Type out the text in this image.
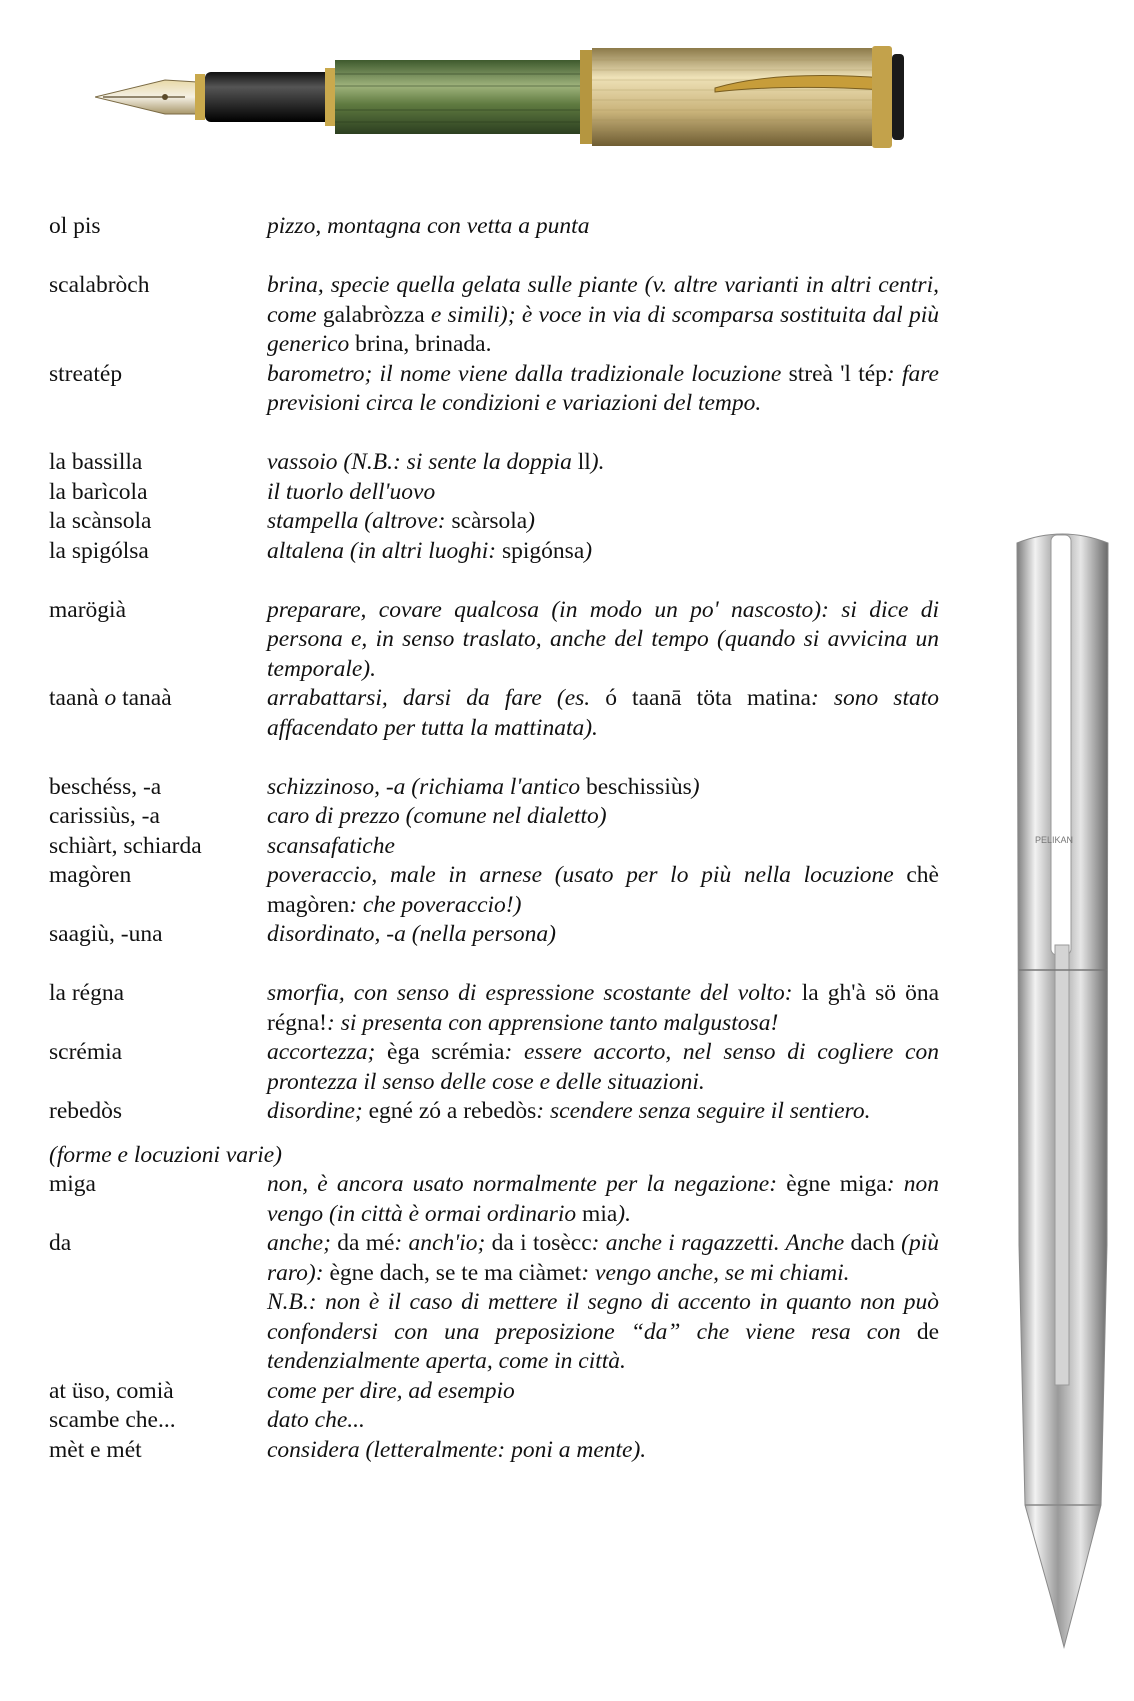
PELIKAN
ol pis	pizzo, montagna con vetta a punta
scalabròch	brina, specie quella gelata sulle piante (v. altre varianti in altri centri, come galabròzza e simili); è voce in via di scomparsa sostituita dal più generico brina, brinada.
streatép	barometro; il nome viene dalla tradizionale locuzione streà 'l tép: fare previsioni circa le condizioni e variazioni del tempo.
la bassilla	vassoio (N.B.: si sente la doppia ll).
la barìcola	il tuorlo dell'uovo
la scànsola	stampella (altrove: scàrsola)
la spigólsa	altalena (in altri luoghi: spigónsa)
marögià	preparare, covare qualcosa (in modo un po' nascosto): si dice di persona e, in senso traslato, anche del tempo (quando si avvicina un temporale).
taanà o tanaà	arrabattarsi, darsi da fare (es. ó taanā töta matina: sono stato affacendato per tutta la mattinata).
beschéss, -a	schizzinoso, -a (richiama l'antico beschissiùs)
carissiùs, -a	caro di prezzo (comune nel dialetto)
schiàrt, schiarda	scansafatiche
magòren	poveraccio, male in arnese (usato per lo più nella locuzione chè magòren: che poveraccio!)
saagiù, -una	disordinato, -a (nella persona)
la régna	smorfia, con senso di espressione scostante del volto: la gh'à sö öna régna!: si presenta con apprensione tanto malgustosa!
scrémia	accortezza; èga scrémia: essere accorto, nel senso di cogliere con prontezza il senso delle cose e delle situazioni.
rebedòs	disordine; egné zó a rebedòs: scendere senza seguire il sentiero.
(forme e locuzioni varie)
miga	non, è ancora usato normalmente per la negazione: ègne miga: non vengo (in città è ormai ordinario mia).
da	anche; da mé: anch'io; da i tosècc: anche i ragazzetti. Anche dach (più raro): ègne dach, se te ma ciàmet: vengo anche, se mi chiami.
N.B.: non è il caso di mettere il segno di accento in quanto non può confondersi con una preposizione “da” che viene resa con de tendenzialmente aperta, come in città.
at üso, comià	come per dire, ad esempio
scambe che...	dato che...
mèt e mét	considera (letteralmente: poni a mente).
